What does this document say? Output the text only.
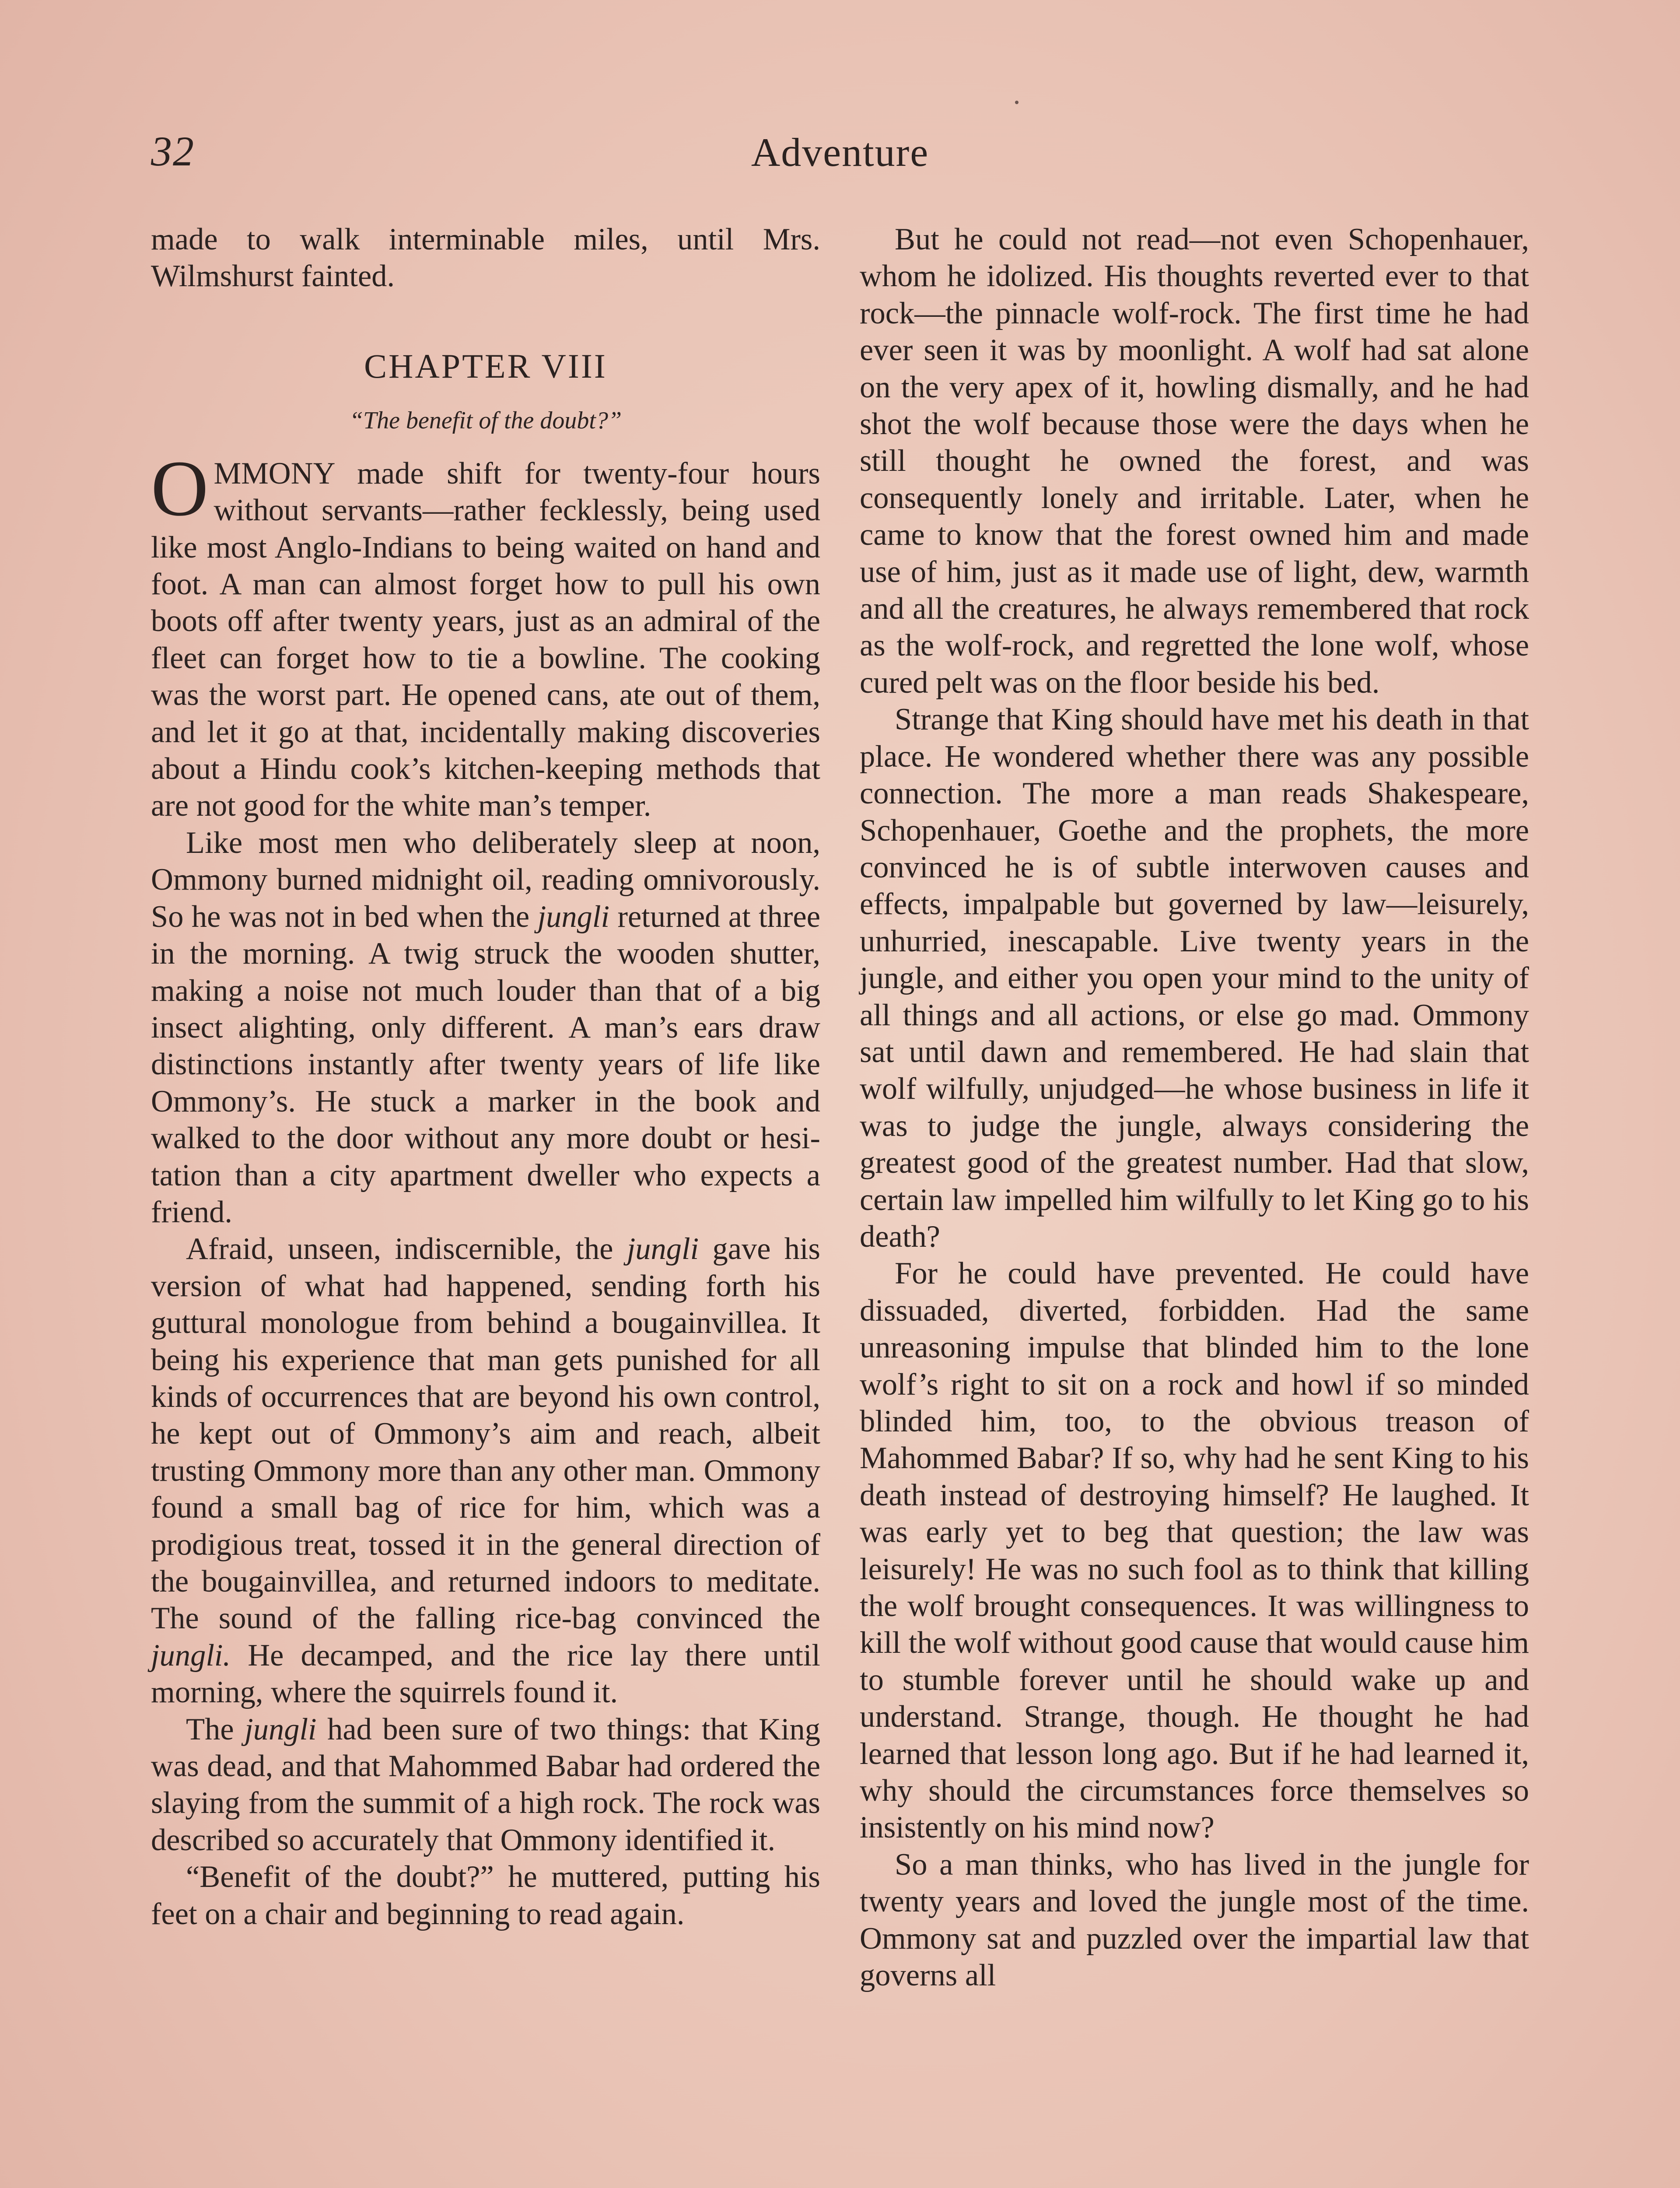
32	Adventure

made to walk interminable miles, until Mrs. Wilmshurst fainted.

CHAPTER VIII
“The benefit of the doubt?”

OMMONY made shift for twenty-four hours without servants—rather fecklessly, being used like most Anglo-Indians to being waited on hand and foot. A man can almost forget how to pull his own boots off after twenty years, just as an admiral of the fleet can forget how to tie a bowline. The cooking was the worst part. He opened cans, ate out of them, and let it go at that, incidentally making discoveries about a Hindu cook’s kitchen-keeping methods that are not good for the white man’s temper.

Like most men who deliberately sleep at noon, Ommony burned midnight oil, reading omnivorously. So he was not in bed when the jungli returned at three in the morning. A twig struck the wooden shutter, making a noise not much louder than that of a big insect alighting, only different. A man’s ears draw distinctions instantly after twenty years of life like Ommony’s. He stuck a marker in the book and walked to the door without any more doubt or hesitation than a city apartment dweller who expects a friend.

Afraid, unseen, indiscernible, the jungli gave his version of what had happened, sending forth his guttural monologue from behind a bougainvillea. It being his experience that man gets punished for all kinds of occurrences that are beyond his own control, he kept out of Ommony’s aim and reach, albeit trusting Ommony more than any other man. Ommony found a small bag of rice for him, which was a prodigious treat, tossed it in the general direction of the bougainvillea, and returned indoors to meditate. The sound of the falling rice-bag convinced the jungli. He decamped, and the rice lay there until morning, where the squirrels found it.

The jungli had been sure of two things: that King was dead, and that Mahommed Babar had ordered the slaying from the summit of a high rock. The rock was described so accurately that Ommony identified it.

“Benefit of the doubt?” he muttered, putting his feet on a chair and beginning to read again.

But he could not read—not even Schopenhauer, whom he idolized. His thoughts reverted ever to that rock—the pinnacle wolf-rock. The first time he had ever seen it was by moonlight. A wolf had sat alone on the very apex of it, howling dismally, and he had shot the wolf because those were the days when he still thought he owned the forest, and was consequently lonely and irritable. Later, when he came to know that the forest owned him and made use of him, just as it made use of light, dew, warmth and all the creatures, he always remembered that rock as the wolf-rock, and regretted the lone wolf, whose cured pelt was on the floor beside his bed.

Strange that King should have met his death in that place. He wondered whether there was any possible connection. The more a man reads Shakespeare, Schopenhauer, Goethe and the prophets, the more convinced he is of subtle interwoven causes and effects, impalpable but governed by law—leisurely, unhurried, inescapable. Live twenty years in the jungle, and either you open your mind to the unity of all things and all actions, or else go mad. Ommony sat until dawn and remembered. He had slain that wolf wilfully, unjudged—he whose business in life it was to judge the jungle, always considering the greatest good of the greatest number. Had that slow, certain law impelled him wilfully to let King go to his death?

For he could have prevented. He could have dissuaded, diverted, forbidden. Had the same unreasoning impulse that blinded him to the lone wolf’s right to sit on a rock and howl if so minded blinded him, too, to the obvious treason of Mahommed Babar? If so, why had he sent King to his death instead of destroying himself? He laughed. It was early yet to beg that question; the law was leisurely! He was no such fool as to think that killing the wolf brought consequences. It was willingness to kill the wolf without good cause that would cause him to stumble forever until he should wake up and understand. Strange, though. He thought he had learned that lesson long ago. But if he had learned it, why should the circumstances force themselves so insistently on his mind now?

So a man thinks, who has lived in the jungle for twenty years and loved the jungle most of the time. Ommony sat and puzzled over the impartial law that governs all
